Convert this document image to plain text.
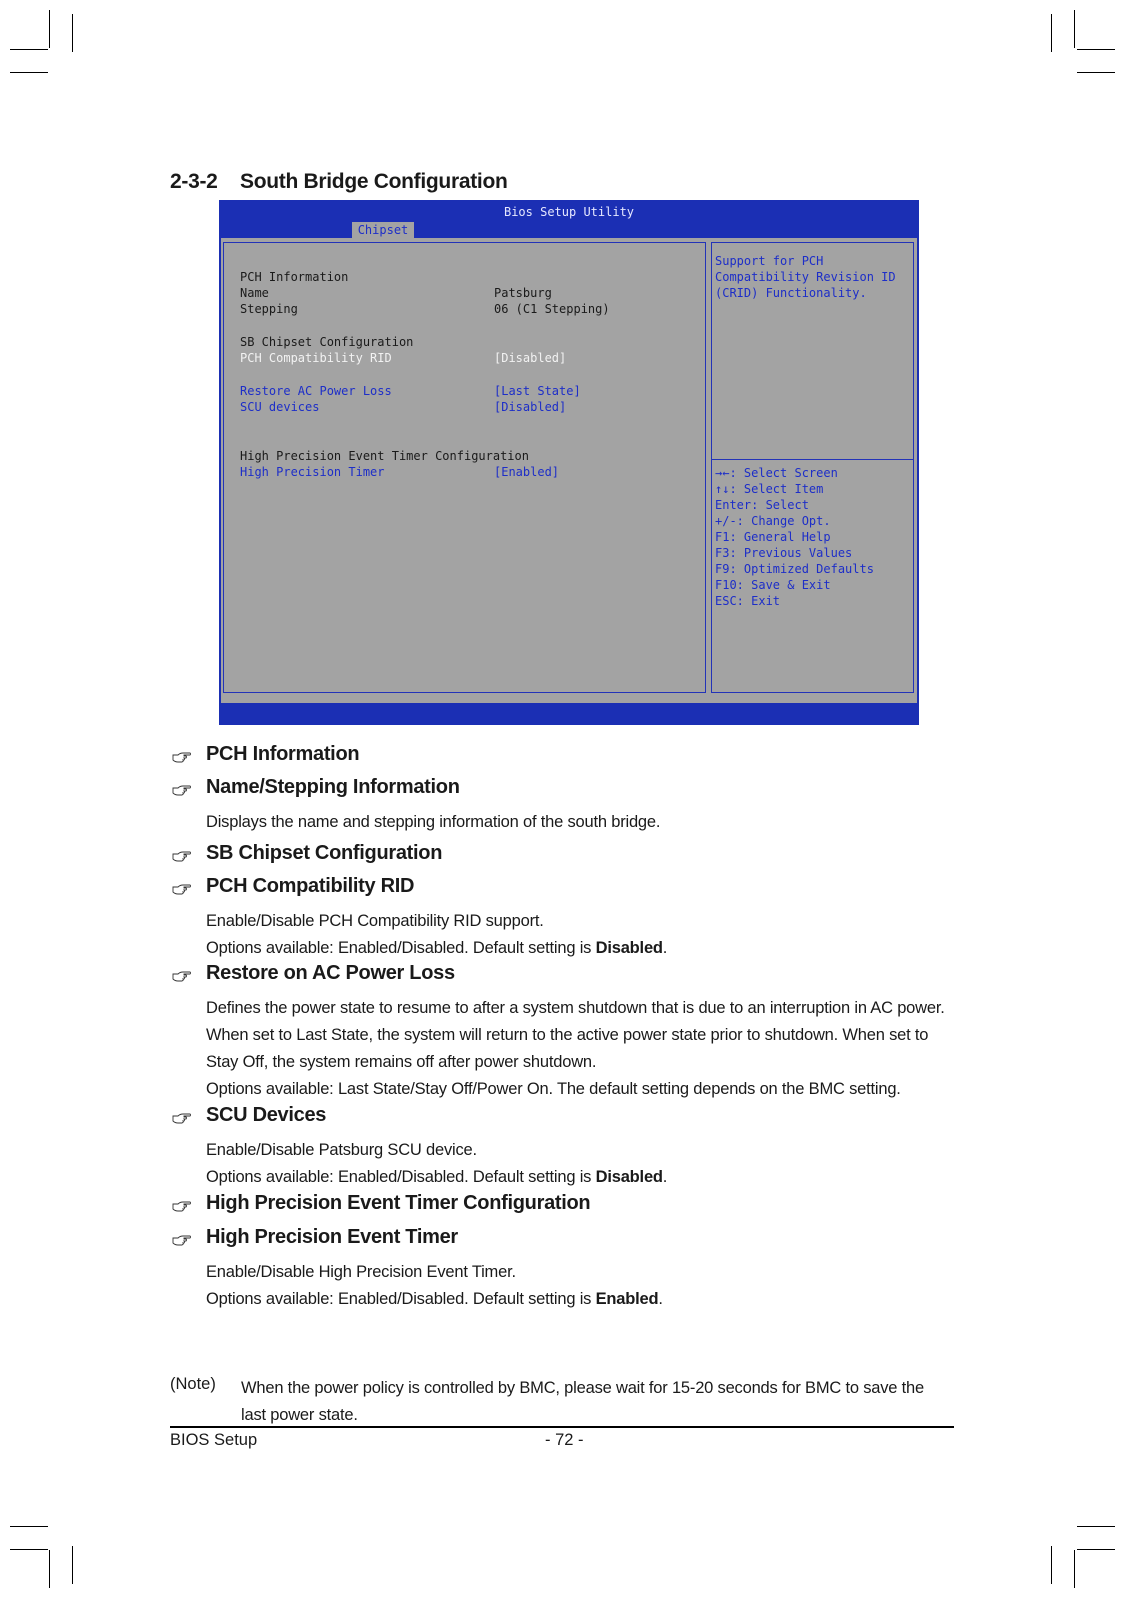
2-3-2 South Bridge Configuration
Bios Setup Utility
Chipset
PCH Information
Name	Patsburg
Stepping	06 (C1 Stepping)
SB Chipset Configuration
PCH Compatibility RID	[Disabled]
Restore AC Power Loss	[Last State]
SCU devices	[Disabled]
High Precision Event Timer Configuration
High Precision Timer	[Enabled]
Support for PCH
Compatibility Revision ID
(CRID) Functionality.
→←: Select Screen
↑↓: Select Item
Enter: Select
+/-: Change Opt.
F1: General Help
F3: Previous Values
F9: Optimized Defaults
F10: Save & Exit
ESC: Exit
PCH Information
Name/Stepping Information
Displays the name and stepping information of the south bridge.
SB Chipset Configuration
PCH Compatibility RID
Enable/Disable PCH Compatibility RID support.
Options available: Enabled/Disabled. Default setting is Disabled.
Restore on AC Power Loss
Defines the power state to resume to after a system shutdown that is due to an interruption in AC power.
When set to Last State, the system will return to the active power state prior to shutdown. When set to
Stay Off, the system remains off after power shutdown.
Options available: Last State/Stay Off/Power On. The default setting depends on the BMC setting.
SCU Devices
Enable/Disable Patsburg SCU device.
Options available: Enabled/Disabled. Default setting is Disabled.
High Precision Event Timer Configuration
High Precision Event Timer
Enable/Disable High Precision Event Timer.
Options available: Enabled/Disabled. Default setting is Enabled.
(Note) When the power policy is controlled by BMC, please wait for 15-20 seconds for BMC to save the last power state.
BIOS Setup	- 72 -
